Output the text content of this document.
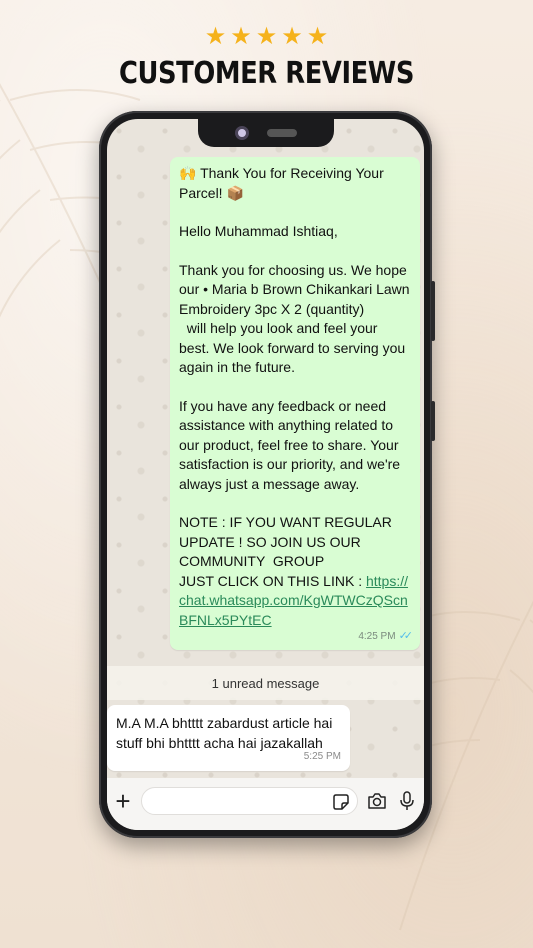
★ ★ ★ ★ ★
CUSTOMER REVIEWS

🙌 Thank You for Receiving Your Parcel! 📦

Hello Muhammad Ishtiaq,

Thank you for choosing us. We hope our • Maria b Brown Chikankari Lawn Embroidery 3pc X 2 (quantity)
will help you look and feel your best. We look forward to serving you again in the future.

If you have any feedback or need assistance with anything related to our product, feel free to share. Your satisfaction is our priority, and we're always just a message away.

NOTE : IF YOU WANT REGULAR UPDATE ! SO JOIN US OUR COMMUNITY  GROUP

JUST CLICK ON THIS LINK : https://chat.whatsapp.com/KgWTWCzQScnBFNLx5PYtEC

4:25 PM ✓✓
1 unread message

M.A M.A bhtttt zabardust article hai stuff bhi bhtttt acha hai jazakallah

5:25 PM
+
